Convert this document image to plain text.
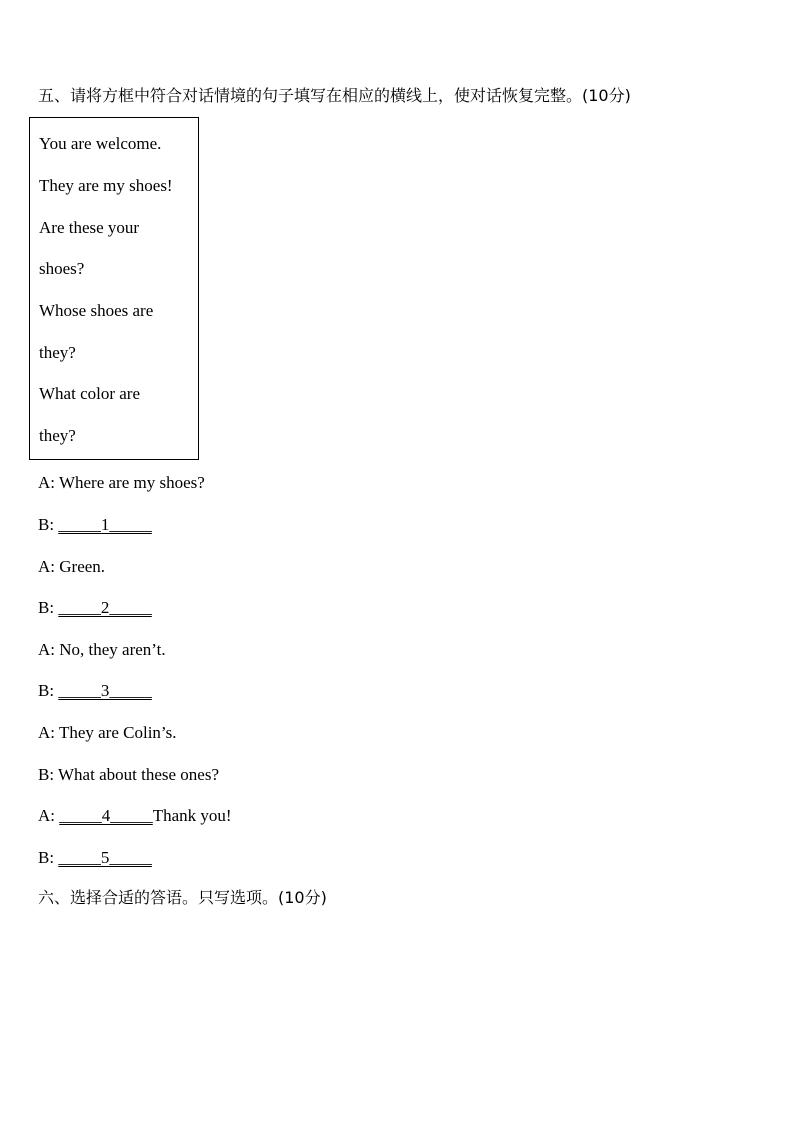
五、请将方框中符合对话情境的句子填写在相应的横线上，使对话恢复完整。(10分)
You are welcome.
They are my shoes!
Are these your
shoes?
Whose shoes are
they?
What color are
they?
A: Where are my shoes?
B: _____1_____
A: Green.
B: _____2_____
A: No, they aren’t.
B: _____3_____
A: They are Colin’s.
B: What about these ones?
A: _____4_____Thank you!
B: _____5_____
六、选择合适的答语。只写选项。(10分)
